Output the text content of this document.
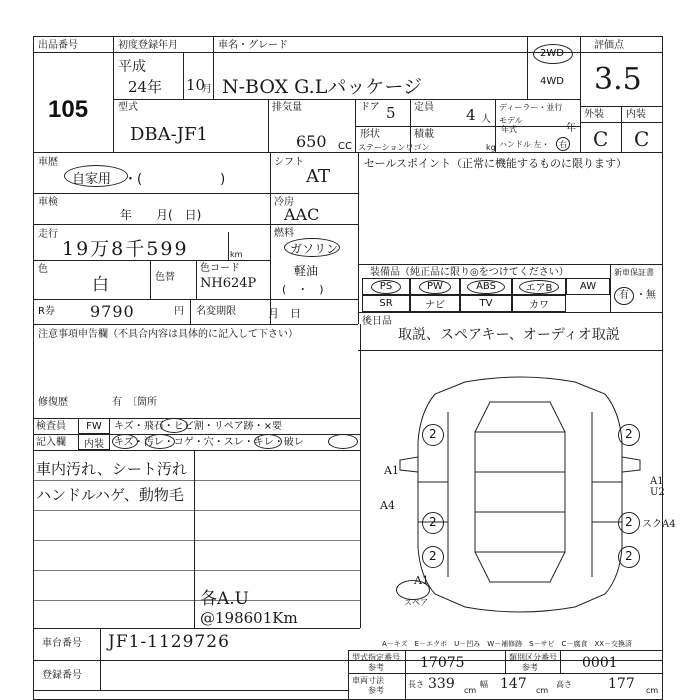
出品番号
105
初度登録年月
平成
24年 10
月
車名・グレード
N-BOX G.Lパッケージ
2WD
4WD
評価点
3.5
外装 内装
C C
型式
DBA-JF1
排気量
650 CC
ドア 5 定員 4 人
形状
ステーションワゴン
積載
kg
ディーラー・並行
モデル
年式	年
ハンドル 左・ 右
車歴
自家用 ・(　　　　　　)
シフト
AT
車検
年　　月(　日)
冷房
AAC
走行
19万8千599	km
燃料
ガソリン
軽油
(　・　)
色
白	色替
色コード
NH624P
R券 9790	円 名変期限	月　日
セールスポイント（正常に機能するものに限ります）
装備品（純正品に限り◎をつけてください）	新車保証書
有 ・無
PS	PW	ABS	エアB	AW
SR	ナビ	TV	カワ
後日品
取説、スペアキー、オーディオ取説
注意事項申告欄（不具合内容は具体的に記入して下さい）
修復歴	有　〔箇所
検査員 FW キズ・飛石・ヒビ割・リペア跡・×要
記入欄 内装 キズ・汚レ・コゲ・穴・スレ・キレ・破レ
車内汚れ、シート汚れ
ハンドルハゲ、動物毛
各A.U
@198601Km
2	2
2	2
2	2
A1
A4
A1
A1
U2
スクA4
スペア
A－キズ　E－エクボ　U－凹み　W－補修跡　S－サビ　C－腐食　XX－交換済
車台番号 JF1-1129726
登録番号
型式指定番号
参考	17075	類別区分番号
参考	0001
車両寸法
参考
長さ 339 cm
幅 147 cm
高さ	177 cm
